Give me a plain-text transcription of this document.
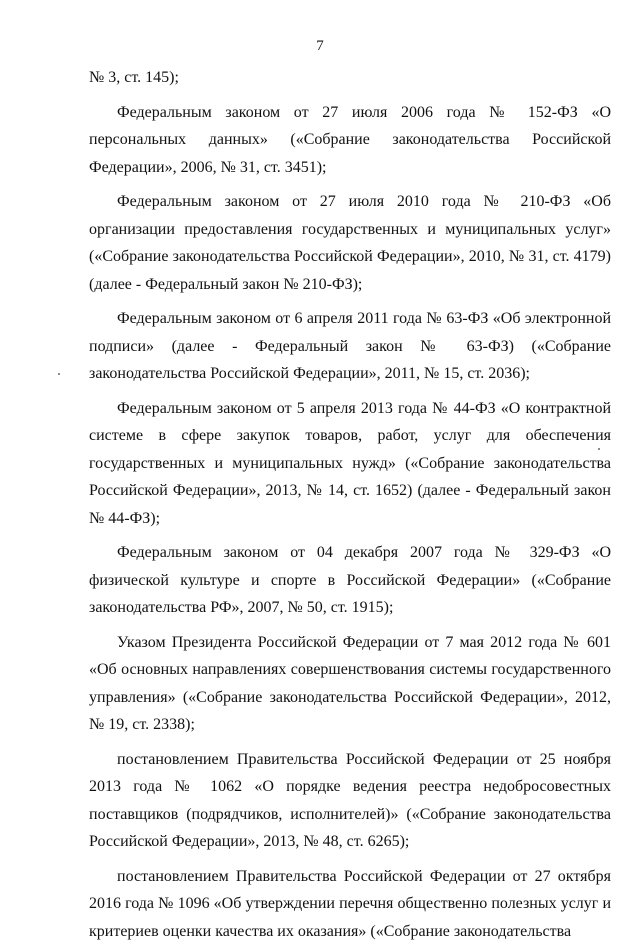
7

№ 3, ст. 145);

Федеральным законом от 27 июля 2006 года № 152-ФЗ «О персональных данных» («Собрание законодательства Российской Федерации», 2006, № 31, ст. 3451);

Федеральным законом от 27 июля 2010 года № 210-ФЗ «Об организации предоставления государственных и муниципальных услуг» («Собрание законодательства Российской Федерации», 2010, № 31, ст. 4179) (далее - Федеральный закон № 210-ФЗ);

Федеральным законом от 6 апреля 2011 года № 63-ФЗ «Об электронной подписи» (далее - Федеральный закон № 63-ФЗ) («Собрание законодательства Российской Федерации», 2011, № 15, ст. 2036);

Федеральным законом от 5 апреля 2013 года № 44-ФЗ «О контрактной системе в сфере закупок товаров, работ, услуг для обеспечения государственных и муниципальных нужд» («Собрание законодательства Российской Федерации», 2013, № 14, ст. 1652) (далее - Федеральный закон № 44-ФЗ);

Федеральным законом от 04 декабря 2007 года № 329-ФЗ «О физической культуре и спорте в Российской Федерации» («Собрание законодательства РФ», 2007, № 50, ст. 1915);

Указом Президента Российской Федерации от 7 мая 2012 года № 601 «Об основных направлениях совершенствования системы государственного управления» («Собрание законодательства Российской Федерации», 2012, № 19, ст. 2338);

постановлением Правительства Российской Федерации от 25 ноября 2013 года № 1062 «О порядке ведения реестра недобросовестных поставщиков (подрядчиков, исполнителей)» («Собрание законодательства Российской Федерации», 2013, № 48, ст. 6265);

постановлением Правительства Российской Федерации от 27 октября 2016 года № 1096 «Об утверждении перечня общественно полезных услуг и критериев оценки качества их оказания» («Собрание законодательства
